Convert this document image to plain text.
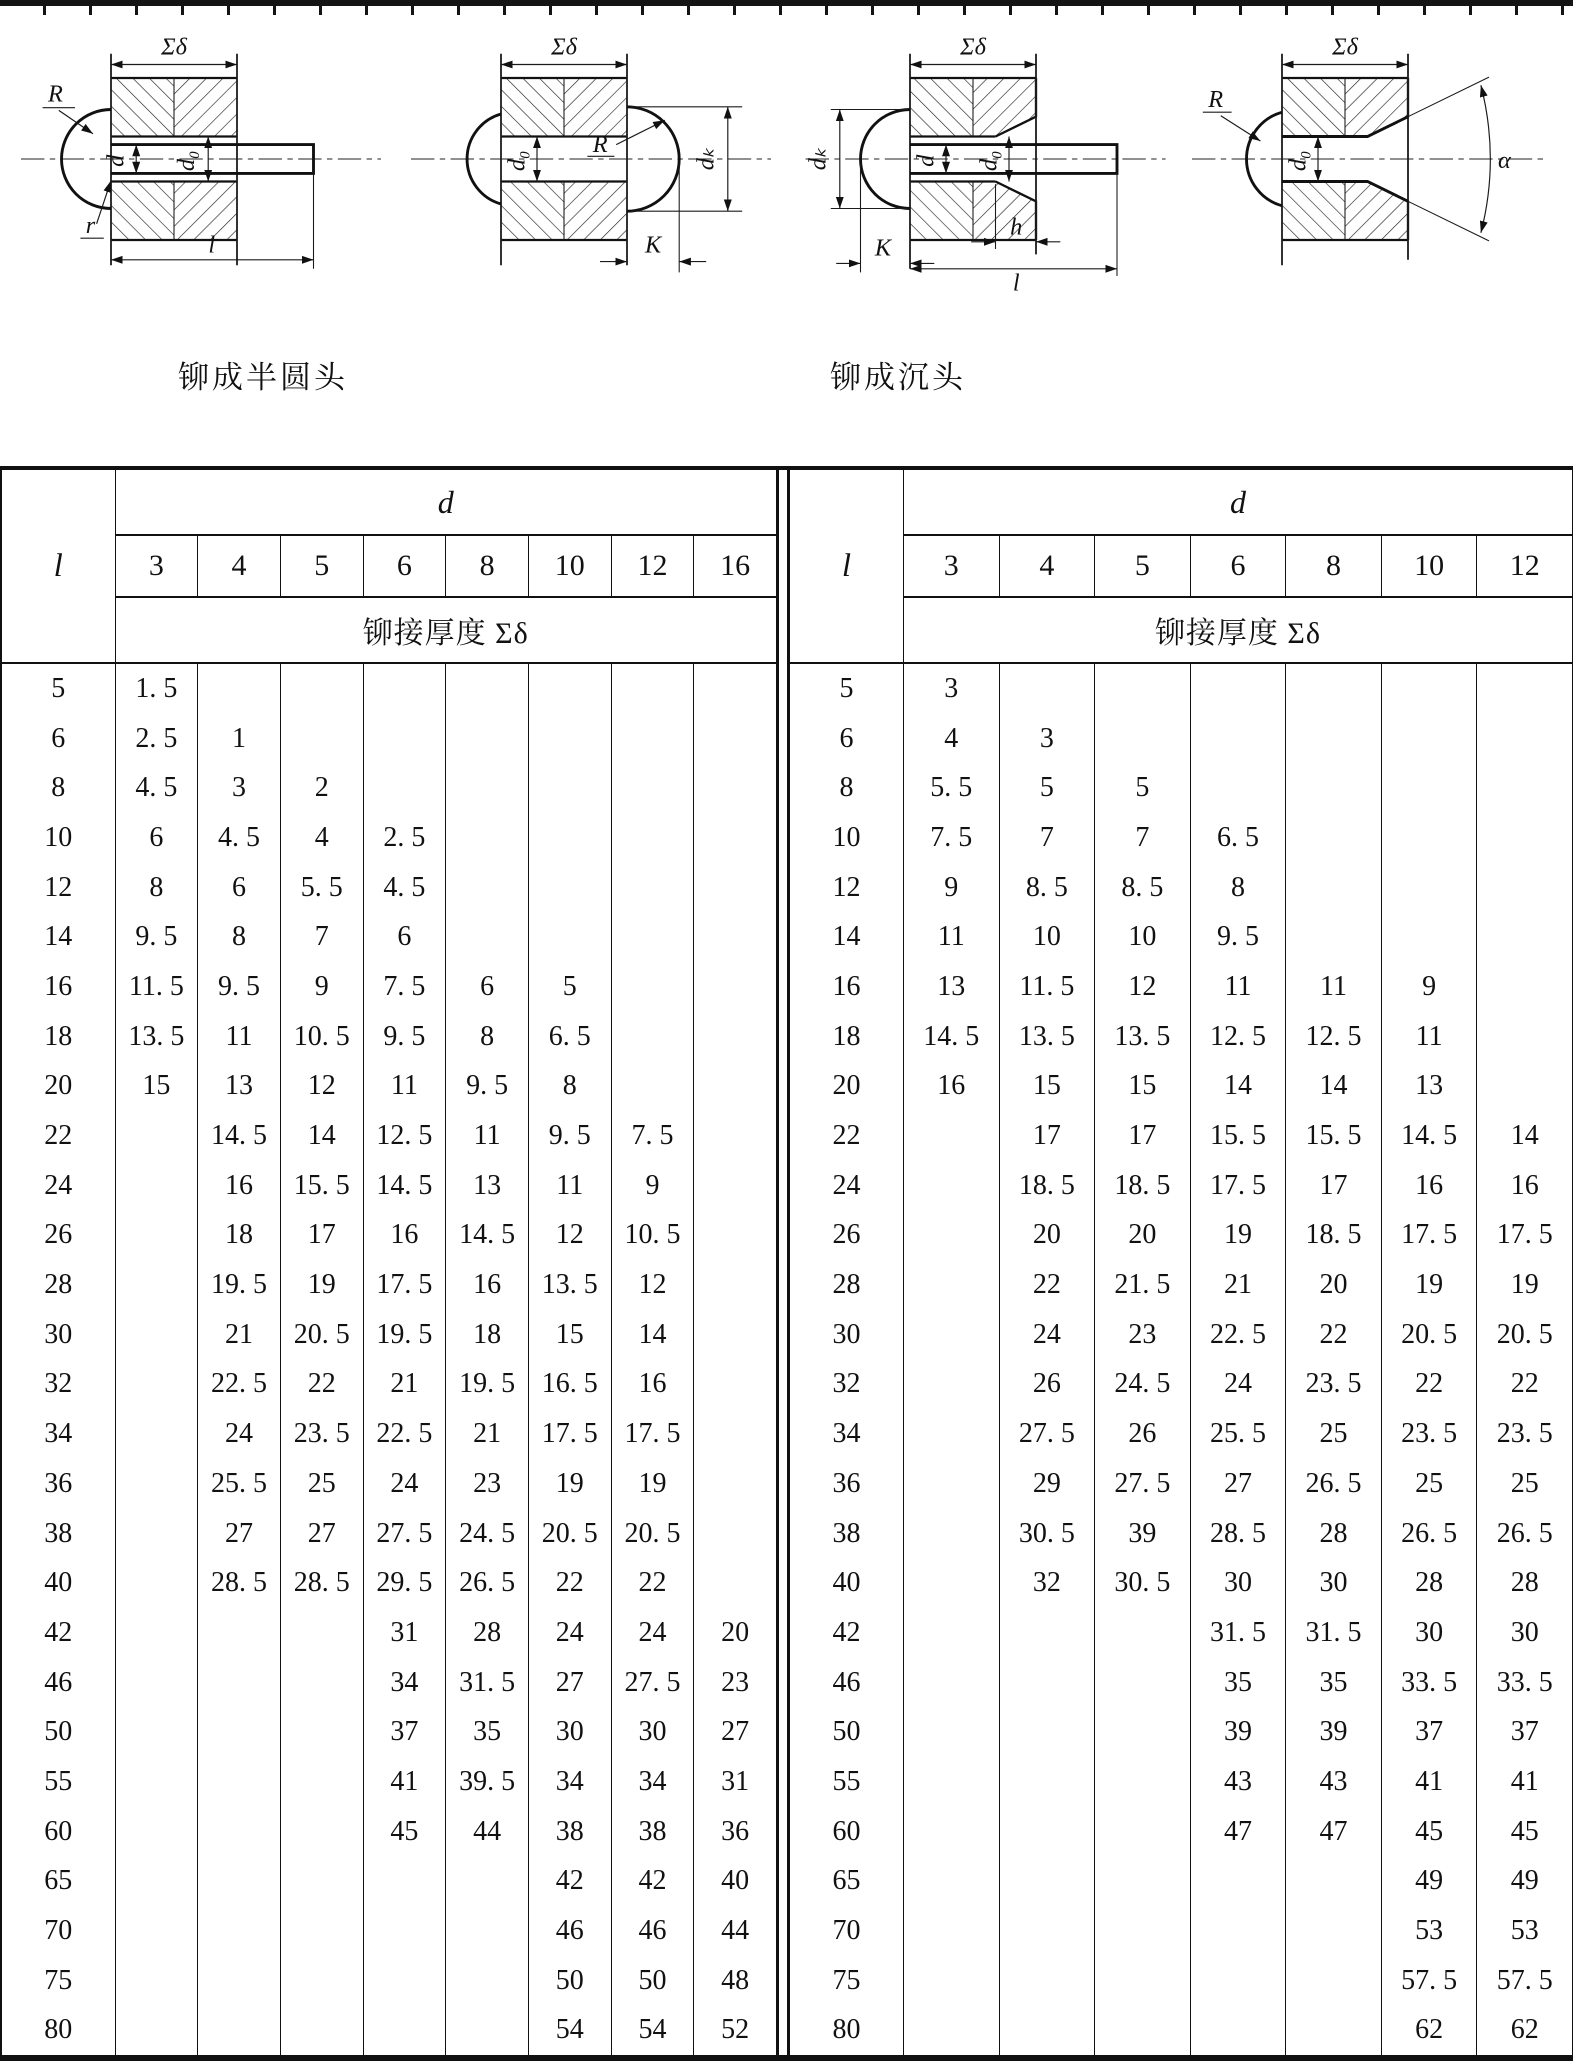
Σδ
R
d d₀
r
l
Σδ
R
d₀	dₖ
K
Σδ
dₖ	d d₀
h
K
l
Σδ
R
d₀	α
铆成半圆头	铆成沉头
l	d							
	3	4	5	6	8	10	12	16
	铆接厚度 Σδ							
5	1. 5							
6	2. 5	1						
8	4. 5	3	2					
10	6	4. 5	4	2. 5				
12	8	6	5. 5	4. 5				
14	9. 5	8	7	6				
16	11. 5	9. 5	9	7. 5	6	5		
18	13. 5	11	10. 5	9. 5	8	6. 5		
20	15	13	12	11	9. 5	8		
22		14. 5	14	12. 5	11	9. 5	7. 5	
24		16	15. 5	14. 5	13	11	9	
26		18	17	16	14. 5	12	10. 5	
28		19. 5	19	17. 5	16	13. 5	12	
30		21	20. 5	19. 5	18	15	14	
32		22. 5	22	21	19. 5	16. 5	16	
34		24	23. 5	22. 5	21	17. 5	17. 5	
36		25. 5	25	24	23	19	19	
38		27	27	27. 5	24. 5	20. 5	20. 5	
40		28. 5	28. 5	29. 5	26. 5	22	22	
42				31	28	24	24	20
46				34	31. 5	27	27. 5	23
50				37	35	30	30	27
55				41	39. 5	34	34	31
60				45	44	38	38	36
65						42	42	40
70						46	46	44
75						50	50	48
80						54	54	52
l	d						
	3	4	5	6	8	10	12
	铆接厚度 Σδ						
5	3						
6	4	3					
8	5. 5	5	5				
10	7. 5	7	7	6. 5			
12	9	8. 5	8. 5	8			
14	11	10	10	9. 5			
16	13	11. 5	12	11	11	9	
18	14. 5	13. 5	13. 5	12. 5	12. 5	11	
20	16	15	15	14	14	13	
22		17	17	15. 5	15. 5	14. 5	14
24		18. 5	18. 5	17. 5	17	16	16
26		20	20	19	18. 5	17. 5	17. 5
28		22	21. 5	21	20	19	19
30		24	23	22. 5	22	20. 5	20. 5
32		26	24. 5	24	23. 5	22	22
34		27. 5	26	25. 5	25	23. 5	23. 5
36		29	27. 5	27	26. 5	25	25
38		30. 5	39	28. 5	28	26. 5	26. 5
40		32	30. 5	30	30	28	28
42				31. 5	31. 5	30	30
46				35	35	33. 5	33. 5
50				39	39	37	37
55				43	43	41	41
60				47	47	45	45
65						49	49
70						53	53
75						57. 5	57. 5
80						62	62
